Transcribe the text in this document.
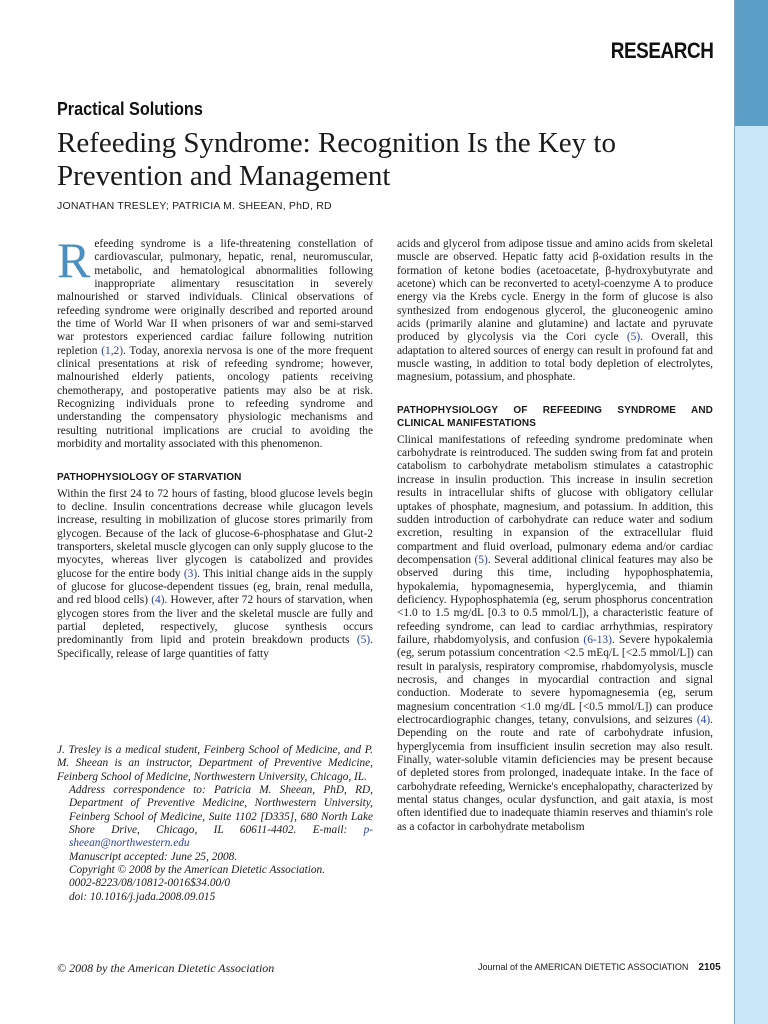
RESEARCH
Practical Solutions
Refeeding Syndrome: Recognition Is the Key to Prevention and Management
JONATHAN TRESLEY; PATRICIA M. SHEEAN, PhD, RD

Refeeding syndrome is a life-threatening constellation of cardiovascular, pulmonary, hepatic, renal, neuromuscular, metabolic, and hematological abnormalities following inappropriate alimentary resuscitation in severely malnourished or starved individuals. Clinical observations of refeeding syndrome were originally described and reported around the time of World War II when prisoners of war and semi-starved war protestors experienced cardiac failure following nutrition repletion (1,2). Today, anorexia nervosa is one of the more frequent clinical presentations at risk of refeeding syndrome; however, malnourished elderly patients, oncology patients receiving chemotherapy, and postoperative patients may also be at risk. Recognizing individuals prone to refeeding syndrome and understanding the compensatory physiologic mechanisms and resulting nutritional implications are crucial to avoiding the morbidity and mortality associated with this phenomenon.

PATHOPHYSIOLOGY OF STARVATION

Within the first 24 to 72 hours of fasting, blood glucose levels begin to decline. Insulin concentrations decrease while glucagon levels increase, resulting in mobilization of glucose stores primarily from glycogen. Because of the lack of glucose-6-phosphatase and Glut-2 transporters, skeletal muscle glycogen can only supply glucose to the myocytes, whereas liver glycogen is catabolized and provides glucose for the entire body (3). This initial change aids in the supply of glucose for glucose-dependent tissues (eg, brain, renal medulla, and red blood cells) (4). However, after 72 hours of starvation, when glycogen stores from the liver and the skeletal muscle are fully and partial depleted, respectively, glucose synthesis occurs predominantly from lipid and protein breakdown products (5). Specifically, release of large quantities of fatty

J. Tresley is a medical student, Feinberg School of Medicine, and P. M. Sheean is an instructor, Department of Preventive Medicine, Feinberg School of Medicine, Northwestern University, Chicago, IL.

Address correspondence to: Patricia M. Sheean, PhD, RD, Department of Preventive Medicine, Northwestern University, Feinberg School of Medicine, Suite 1102 [D335], 680 North Lake Shore Drive, Chicago, IL 60611-4402. E-mail: p-sheean@northwestern.edu

Manuscript accepted: June 25, 2008.

Copyright © 2008 by the American Dietetic Association.

0002-8223/08/10812-0016$34.00/0

doi: 10.1016/j.jada.2008.09.015

acids and glycerol from adipose tissue and amino acids from skeletal muscle are observed. Hepatic fatty acid β-oxidation results in the formation of ketone bodies (acetoacetate, β-hydroxybutyrate and acetone) which can be reconverted to acetyl-coenzyme A to produce energy via the Krebs cycle. Energy in the form of glucose is also synthesized from endogenous glycerol, the gluconeogenic amino acids (primarily alanine and glutamine) and lactate and pyruvate produced by glycolysis via the Cori cycle (5). Overall, this adaptation to altered sources of energy can result in profound fat and muscle wasting, in addition to total body depletion of electrolytes, magnesium, potassium, and phosphate.

PATHOPHYSIOLOGY OF REFEEDING SYNDROME AND CLINICAL MANIFESTATIONS

Clinical manifestations of refeeding syndrome predominate when carbohydrate is reintroduced. The sudden swing from fat and protein catabolism to carbohydrate metabolism stimulates a catastrophic increase in insulin production. This increase in insulin secretion results in intracellular shifts of glucose with obligatory cellular uptakes of phosphate, magnesium, and potassium. In addition, this sudden introduction of carbohydrate can reduce water and sodium excretion, resulting in expansion of the extracellular fluid compartment and fluid overload, pulmonary edema and/or cardiac decompensation (5). Several additional clinical features may also be observed during this time, including hypophosphatemia, hypokalemia, hypomagnesemia, hyperglycemia, and thiamin deficiency. Hypophosphatemia (eg, serum phosphorus concentration <1.0 to 1.5 mg/dL [0.3 to 0.5 mmol/L]), a characteristic feature of refeeding syndrome, can lead to cardiac arrhythmias, respiratory failure, rhabdomyolysis, and confusion (6-13). Severe hypokalemia (eg, serum potassium concentration <2.5 mEq/L [<2.5 mmol/L]) can result in paralysis, respiratory compromise, rhabdomyolysis, muscle necrosis, and changes in myocardial contraction and signal conduction. Moderate to severe hypomagnesemia (eg, serum magnesium concentration <1.0 mg/dL [<0.5 mmol/L]) can produce electrocardiographic changes, tetany, convulsions, and seizures (4). Depending on the route and rate of carbohydrate infusion, hyperglycemia from insufficient insulin secretion may also result. Finally, water-soluble vitamin deficiencies may be present because of depleted stores from prolonged, inadequate intake. In the face of carbohydrate refeeding, Wernicke's encephalopathy, characterized by mental status changes, ocular dysfunction, and gait ataxia, is most often identified due to inadequate thiamin reserves and thiamin's role as a cofactor in carbohydrate metabolism

© 2008 by the American Dietetic Association	Journal of the AMERICAN DIETETIC ASSOCIATION 2105
